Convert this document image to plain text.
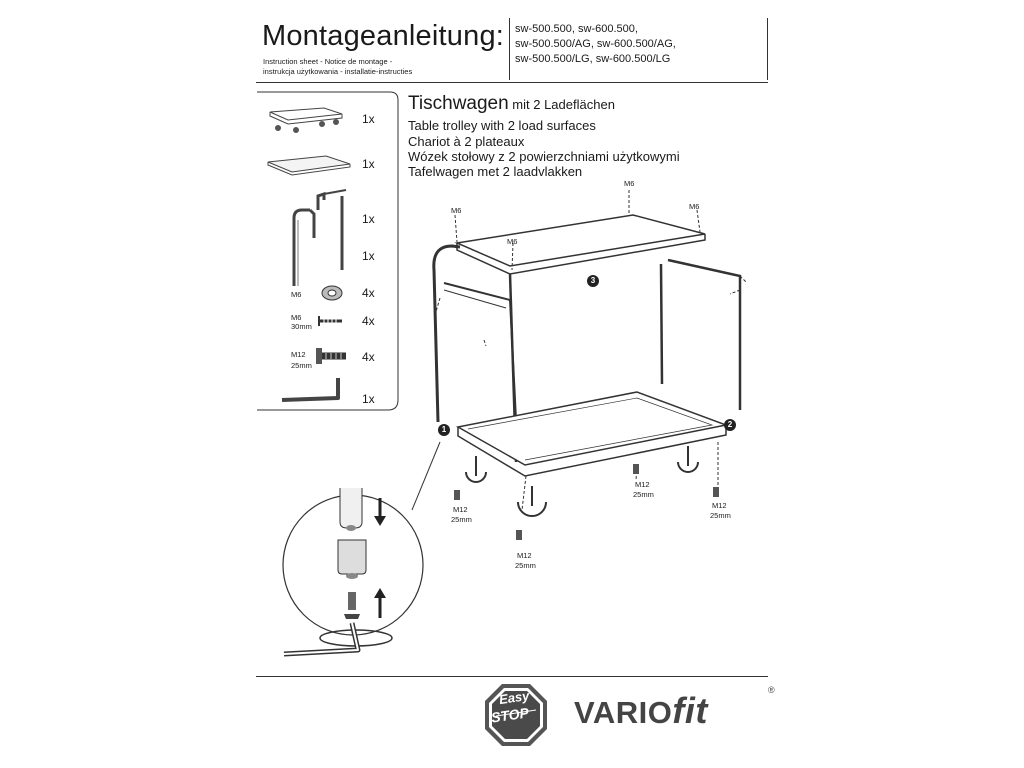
Montageanleitung:
Instruction sheet - Notice de montage -
instrukcja użytkowania - installatie-instructies
sw-500.500, sw-600.500,
sw-500.500/AG, sw-600.500/AG,
sw-500.500/LG, sw-600.500/LG
Tischwagen mit 2 Ladeflächen
Table trolley with 2 load surfaces
Chariot à 2 plateaux
Wózek stołowy z 2 powierzchniami użytkowymi
Tafelwagen met 2 laadvlakken
1x
1x
1x
1x
4x
4x
4x
1x
M6
M6
30mm
M12
25mm
1
2
3
M6
M6
M6
M6
M12
25mm
M12
25mm
M12
25mm
M12
25mm
Easy
STOP VARIOfit	®
